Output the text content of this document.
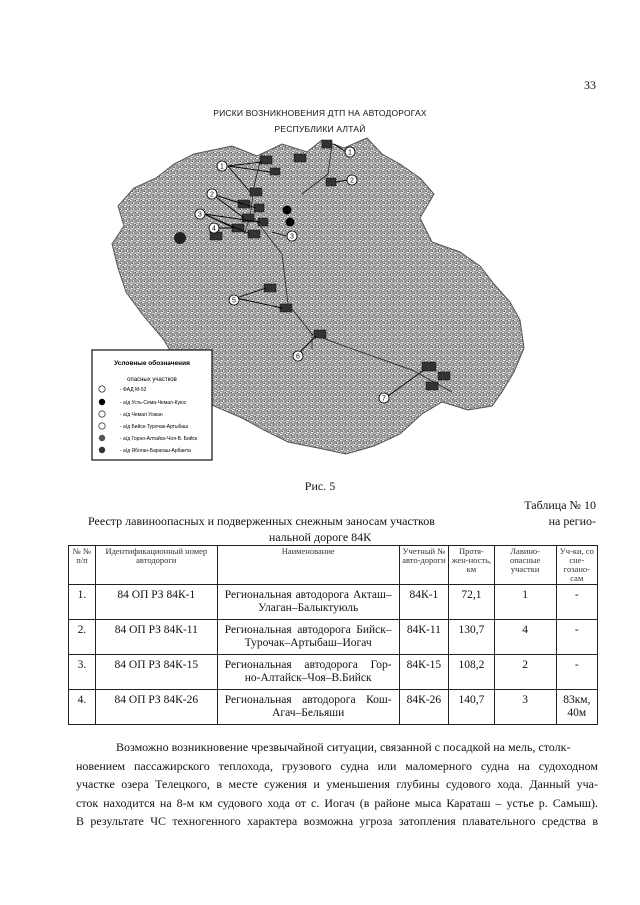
33
РИСКИ ВОЗНИКНОВЕНИЯ ДТП НА АВТОДОРОГАХ
РЕСПУБЛИКИ АЛТАЙ
1
1
2
2
3
3
4
5
6
7
Условные обозначения
опасных участков
- ФАД М-52
- а/д Усть-Сема-Чемал-Куюс
- а/д Чемал Уожан
- а/д Бийск-Турочак-Артыбаш
- а/д Горно-Алтайск-Чоя-В. Бийск
- а/д Ябоган-Барагаш-Арбаита
Рис. 5
Таблица № 10
Реестр лавиноопасных и подверженных снежным заносам участков	на регио-
нальной дороге 84К
№ № п/п	Идентификационный номер автодороги	Наименование	Учетный № авто-дороги	Протя-жен-ность, км	Лавино-опасные участки	Уч-ки, со сне-гозано-сам
1.	84 ОП РЗ 84К-1	Региональная автодорога Акташ–
Улаган–Балыктуюль	84К-1	72,1	1	-
2.	84 ОП РЗ 84К-11	Региональная автодорога Бийск–
Турочак–Артыбаш–Иогач	84К-11	130,7	4	-
3.	84 ОП РЗ 84К-15	Региональная автодорога Гор-
но-Алтайск–Чоя–В.Бийск	84К-15	108,2	2	-
4.	84 ОП РЗ 84К-26	Региональная автодорога Кош-
Агач–Бельяши	84К-26	140,7	3	83км, 40м
Возможно возникновение чрезвычайной ситуации, связанной с посадкой на мель, столк-
новением пассажирского теплохода, грузового судна или маломерного судна на судоходном
участке озера Телецкого, в месте сужения и уменьшения глубины судового хода. Данный уча-
сток находится на 8-м км судового хода от с. Иогач (в районе мыса Караташ – устье р. Самыш).
В результате ЧС техногенного характера возможна угроза затопления плавательного средства в
